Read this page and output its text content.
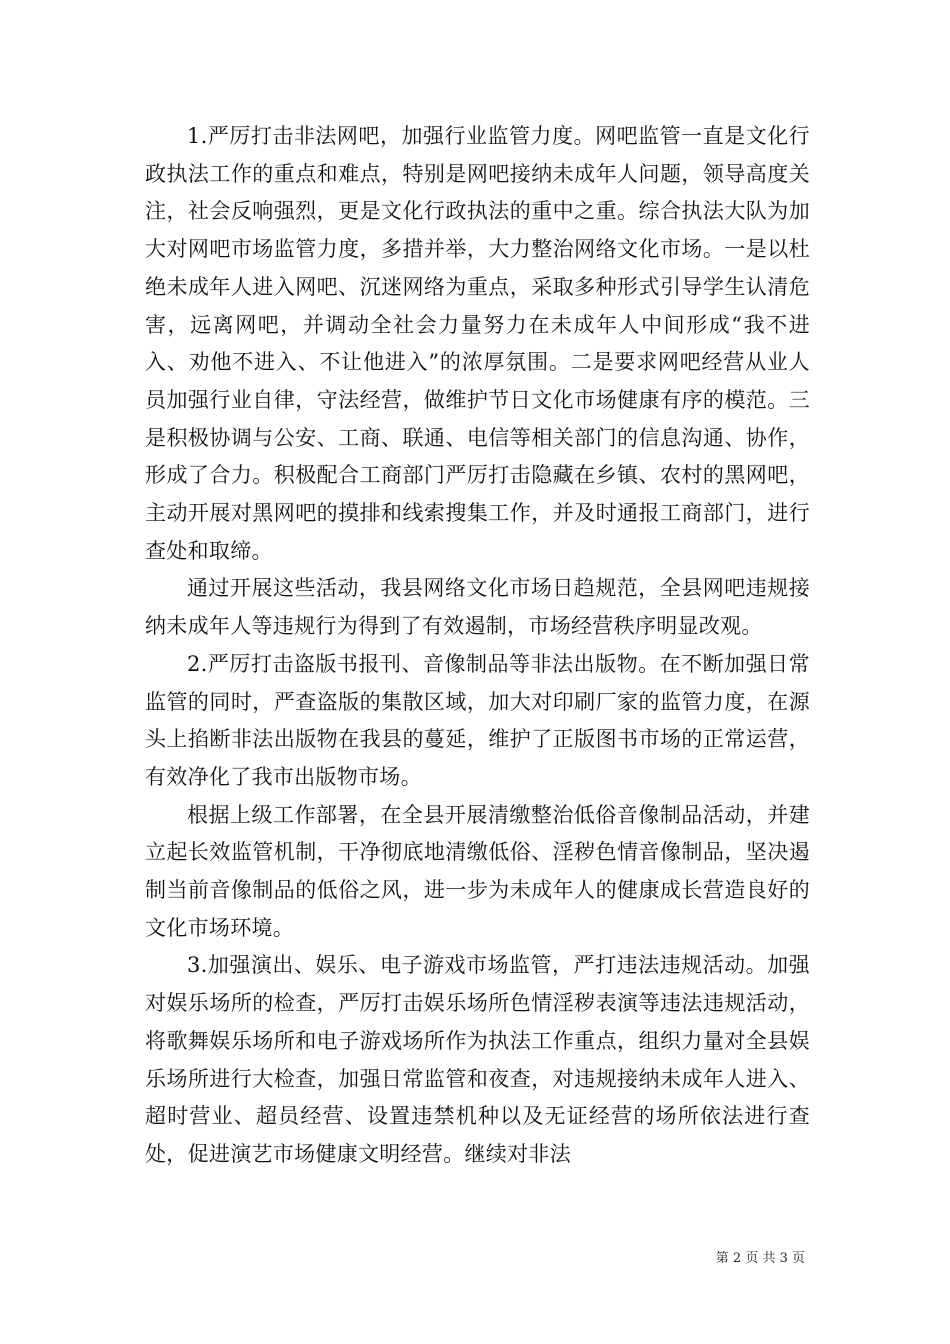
1.严厉打击非法网吧，加强行业监管力度。网吧监管一直是文化行政执法工作的重点和难点，特别是网吧接纳未成年人问题，领导高度关注，社会反响强烈，更是文化行政执法的重中之重。综合执法大队为加大对网吧市场监管力度，多措并举，大力整治网络文化市场。一是以杜绝未成年人进入网吧、沉迷网络为重点，采取多种形式引导学生认清危害，远离网吧，并调动全社会力量努力在未成年人中间形成“我不进入、劝他不进入、不让他进入”的浓厚氛围。二是要求网吧经营从业人员加强行业自律，守法经营，做维护节日文化市场健康有序的模范。三是积极协调与公安、工商、联通、电信等相关部门的信息沟通、协作，形成了合力。积极配合工商部门严厉打击隐藏在乡镇、农村的黑网吧，主动开展对黑网吧的摸排和线索搜集工作，并及时通报工商部门，进行查处和取缔。

通过开展这些活动，我县网络文化市场日趋规范，全县网吧违规接纳未成年人等违规行为得到了有效遏制，市场经营秩序明显改观。

2.严厉打击盗版书报刊、音像制品等非法出版物。在不断加强日常监管的同时，严查盗版的集散区域，加大对印刷厂家的监管力度，在源头上掐断非法出版物在我县的蔓延，维护了正版图书市场的正常运营，有效净化了我市出版物市场。

根据上级工作部署，在全县开展清缴整治低俗音像制品活动，并建立起长效监管机制，干净彻底地清缴低俗、淫秽色情音像制品，坚决遏制当前音像制品的低俗之风，进一步为未成年人的健康成长营造良好的文化市场环境。

3.加强演出、娱乐、电子游戏市场监管，严打违法违规活动。加强对娱乐场所的检查，严厉打击娱乐场所色情淫秽表演等违法违规活动，将歌舞娱乐场所和电子游戏场所作为执法工作重点，组织力量对全县娱乐场所进行大检查，加强日常监管和夜查，对违规接纳未成年人进入、超时营业、超员经营、设置违禁机种以及无证经营的场所依法进行查处，促进演艺市场健康文明经营。继续对非法

第 2 页 共 3 页
